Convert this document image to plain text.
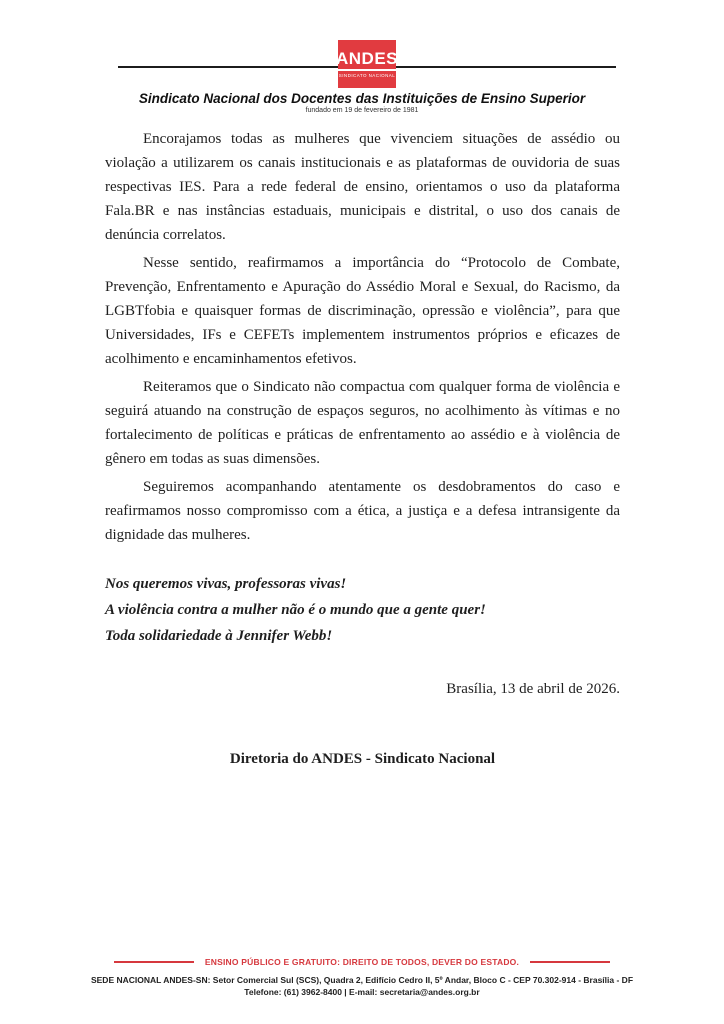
ANDES
SINDICATO NACIONAL
Sindicato Nacional dos Docentes das Instituições de Ensino Superior
fundado em 19 de fevereiro de 1981

Encorajamos todas as mulheres que vivenciem situações de assédio ou violação a utilizarem os canais institucionais e as plataformas de ouvidoria de suas respectivas IES. Para a rede federal de ensino, orientamos o uso da plataforma Fala.BR e nas instâncias estaduais, municipais e distrital, o uso dos canais de denúncia correlatos.

Nesse sentido, reafirmamos a importância do “Protocolo de Combate, Prevenção, Enfrentamento e Apuração do Assédio Moral e Sexual, do Racismo, da LGBTfobia e quaisquer formas de discriminação, opressão e violência”, para que Universidades, IFs e CEFETs implementem instrumentos próprios e eficazes de acolhimento e encaminhamentos efetivos.

Reiteramos que o Sindicato não compactua com qualquer forma de violência e seguirá atuando na construção de espaços seguros, no acolhimento às vítimas e no fortalecimento de políticas e práticas de enfrentamento ao assédio e à violência de gênero em todas as suas dimensões.

Seguiremos acompanhando atentamente os desdobramentos do caso e reafirmamos nosso compromisso com a ética, a justiça e a defesa intransigente da dignidade das mulheres.

Nos queremos vivas, professoras vivas!
A violência contra a mulher não é o mundo que a gente quer!
Toda solidariedade à Jennifer Webb!
Brasília, 13 de abril de 2026.
Diretoria do ANDES - Sindicato Nacional
ENSINO PÚBLICO E GRATUITO: DIREITO DE TODOS, DEVER DO ESTADO.
SEDE NACIONAL ANDES-SN: Setor Comercial Sul (SCS), Quadra 2, Edifício Cedro II, 5º Andar, Bloco C - CEP 70.302-914 - Brasília - DF
Telefone: (61) 3962-8400 | E-mail: secretaria@andes.org.br
